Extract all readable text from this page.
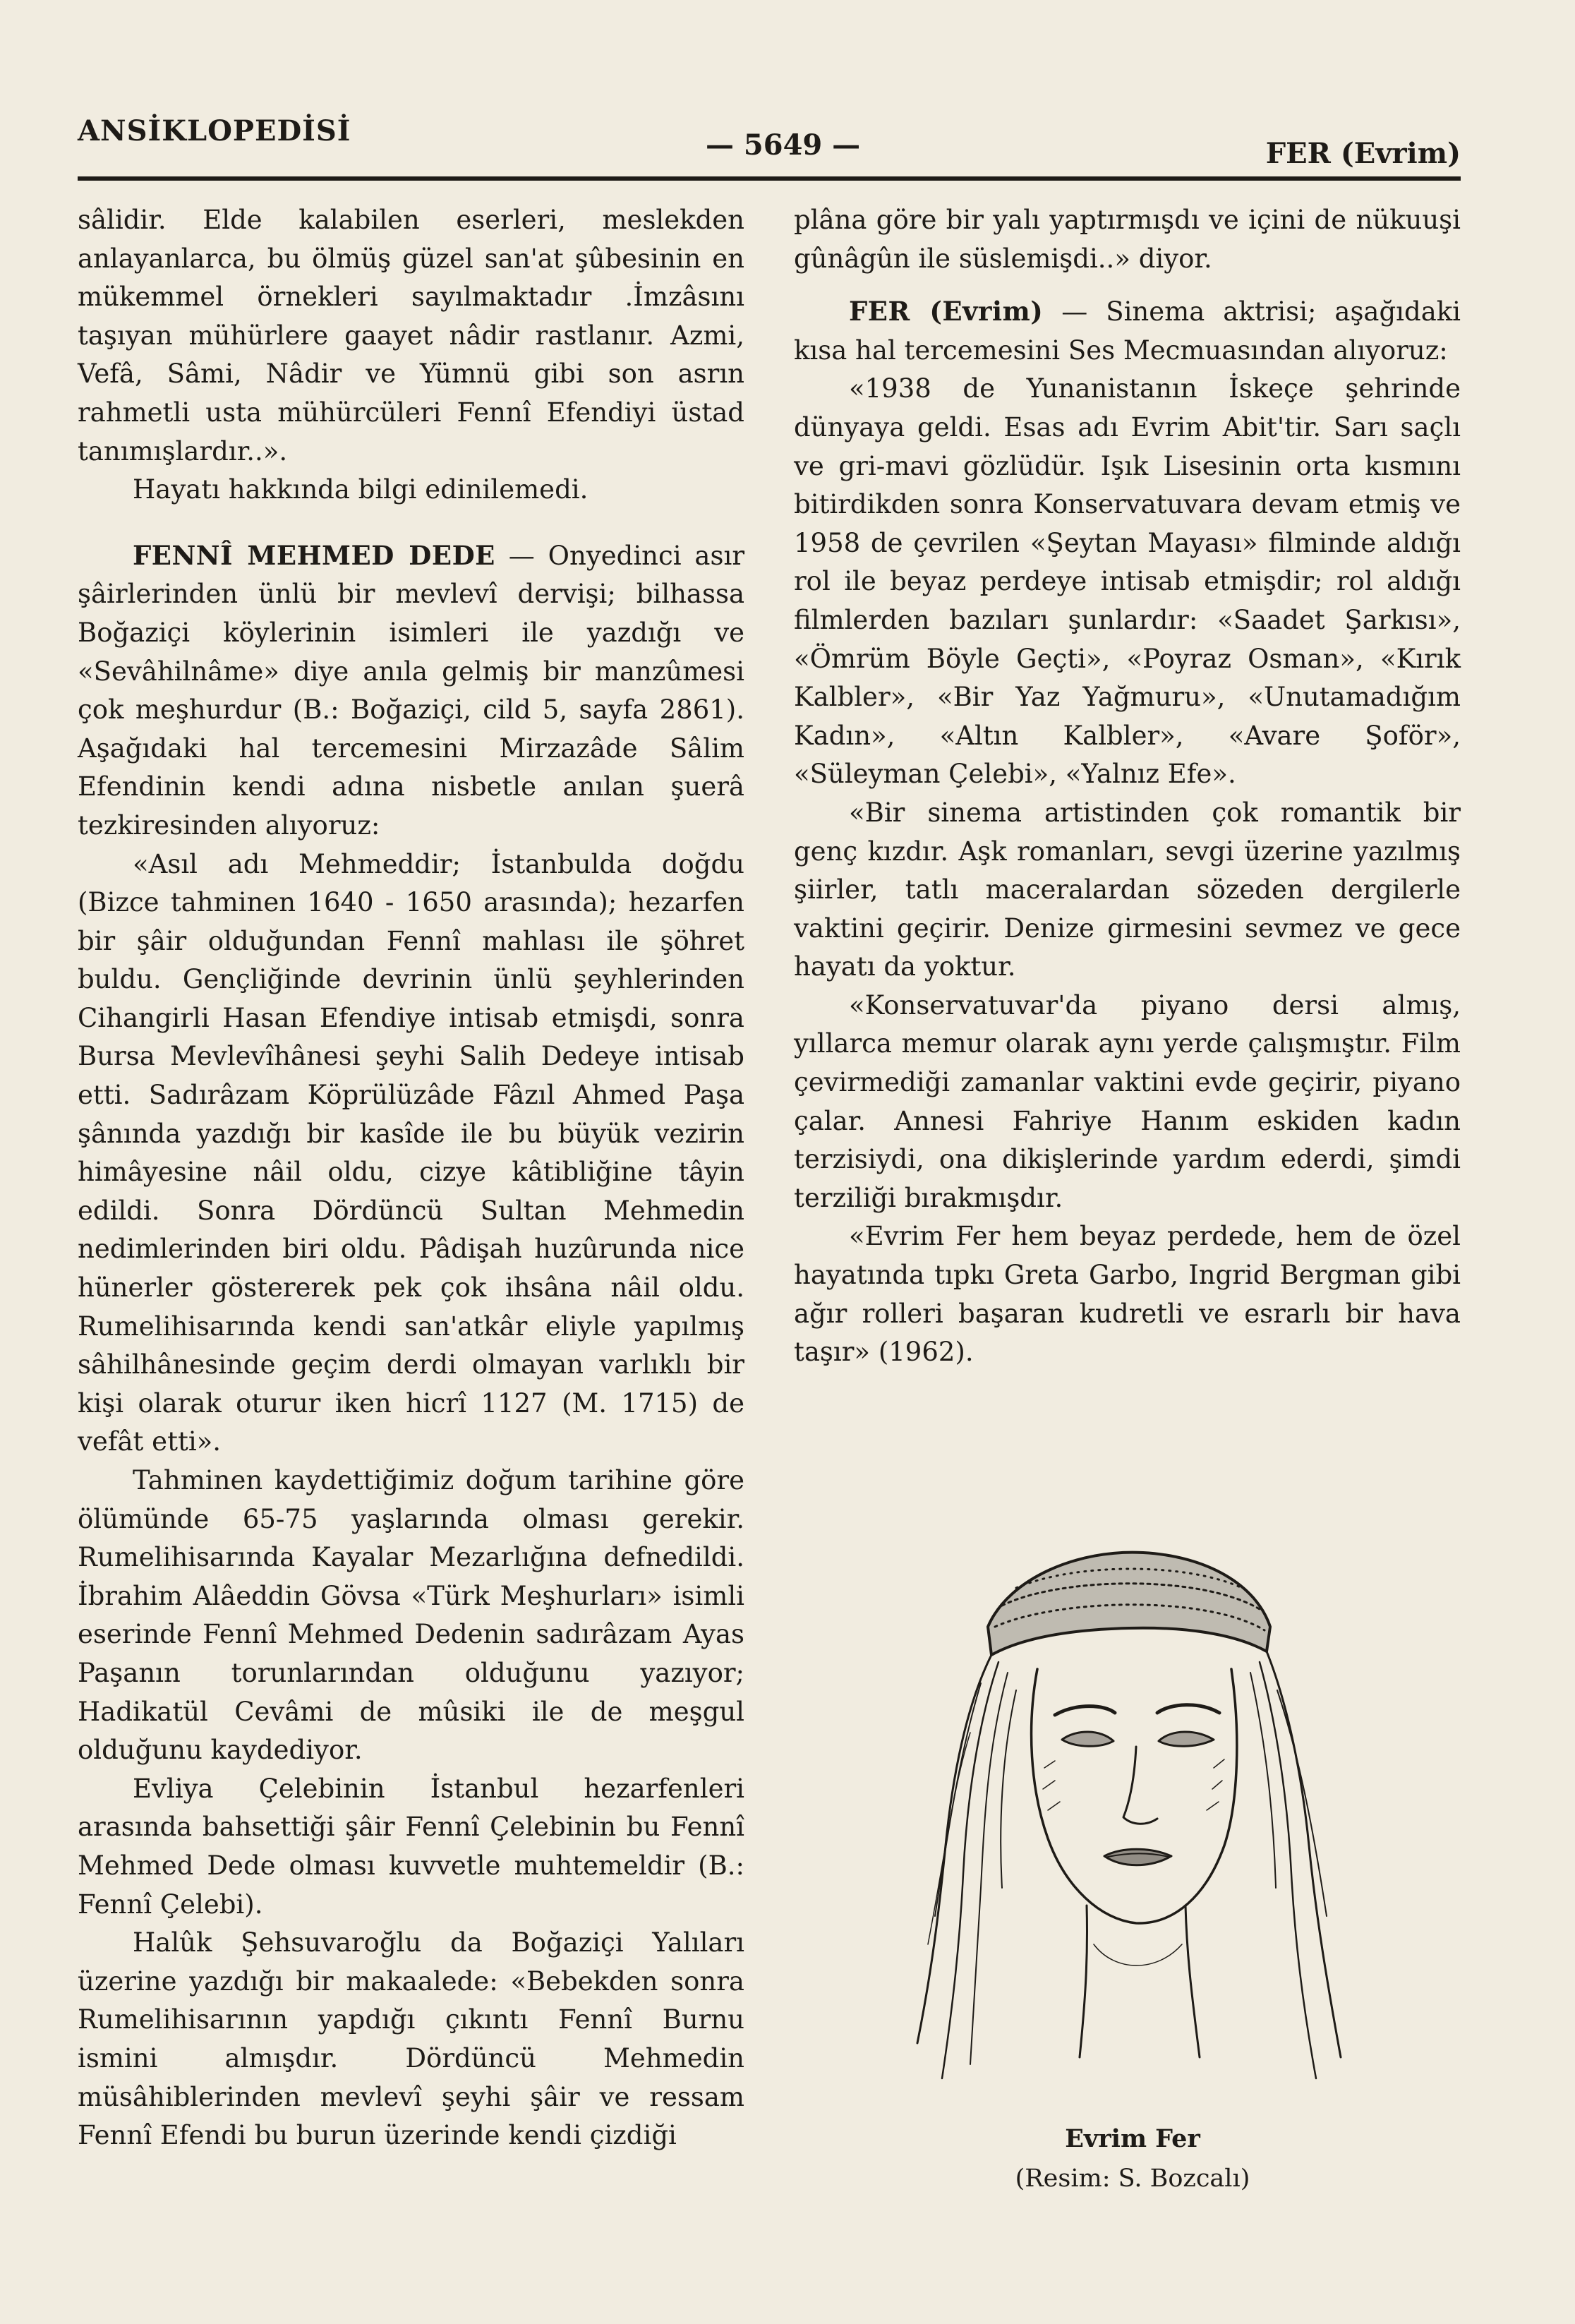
ANSİKLOPEDİSİ	— 5649 —	FER (Evrim)

sâlidir. Elde kalabilen eserleri, meslekden anlayanlarca, bu ölmüş güzel san'at şûbesinin en mükemmel örnekleri sayılmaktadır .İmzâsını taşıyan mühürlere gaayet nâdir rastlanır. Azmi, Vefâ, Sâmi, Nâdir ve Yümnü gibi son asrın rahmetli usta mühürcüleri Fennî Efendiyi üstad tanımışlardır..».

Hayatı hakkında bilgi edinilemedi.

FENNÎ MEHMED DEDE — Onyedinci asır şâirlerinden ünlü bir mevlevî dervişi; bilhassa Boğaziçi köylerinin isimleri ile yazdığı ve «Sevâhilnâme» diye anıla gelmiş bir manzûmesi çok meşhurdur (B.: Boğaziçi, cild 5, sayfa 2861). Aşağıdaki hal tercemesini Mirzazâde Sâlim Efendinin kendi adına nisbetle anılan şuerâ tezkiresinden alıyoruz:

«Asıl adı Mehmeddir; İstanbulda doğdu (Bizce tahminen 1640 - 1650 arasında); hezarfen bir şâir olduğundan Fennî mahlası ile şöhret buldu. Gençliğinde devrinin ünlü şeyhlerinden Cihangirli Hasan Efendiye intisab etmişdi, sonra Bursa Mevlevîhânesi şeyhi Salih Dedeye intisab etti. Sadırâzam Köprülüzâde Fâzıl Ahmed Paşa şânında yazdığı bir kasîde ile bu büyük vezirin himâyesine nâil oldu, cizye kâtibliğine tâyin edildi. Sonra Dördüncü Sultan Mehmedin nedimlerinden biri oldu. Pâdişah huzûrunda nice hünerler göstererek pek çok ihsâna nâil oldu. Rumelihisarında kendi san'atkâr eliyle yapılmış sâhilhânesinde geçim derdi olmayan varlıklı bir kişi olarak oturur iken hicrî 1127 (M. 1715) de vefât etti».

Tahminen kaydettiğimiz doğum tarihine göre ölümünde 65-75 yaşlarında olması gerekir. Rumelihisarında Kayalar Mezarlığına defnedildi. İbrahim Alâeddin Gövsa «Türk Meşhurları» isimli eserinde Fennî Mehmed Dedenin sadırâzam Ayas Paşanın torunlarından olduğunu yazıyor; Hadikatül Cevâmi de mûsiki ile de meşgul olduğunu kaydediyor.

Evliya Çelebinin İstanbul hezarfenleri arasında bahsettiği şâir Fennî Çelebinin bu Fennî Mehmed Dede olması kuvvetle muhtemeldir (B.: Fennî Çelebi).

Halûk Şehsuvaroğlu da Boğaziçi Yalıları üzerine yazdığı bir makaalede: «Bebekden sonra Rumelihisarının yapdığı çıkıntı Fennî Burnu ismini almışdır. Dördüncü Mehmedin müsâhiblerinden mevlevî şeyhi şâir ve ressam Fennî Efendi bu burun üzerinde kendi çizdiği

plâna göre bir yalı yaptırmışdı ve içini de nükuuşi gûnâgûn ile süslemişdi..» diyor.

FER (Evrim) — Sinema aktrisi; aşağıdaki kısa hal tercemesini Ses Mecmuasından alıyoruz:

«1938 de Yunanistanın İskeçe şehrinde dünyaya geldi. Esas adı Evrim Abit'tir. Sarı saçlı ve gri-mavi gözlüdür. Işık Lisesinin orta kısmını bitirdikden sonra Konservatuvara devam etmiş ve 1958 de çevrilen «Şeytan Mayası» filminde aldığı rol ile beyaz perdeye intisab etmişdir; rol aldığı filmlerden bazıları şunlardır: «Saadet Şarkısı», «Ömrüm Böyle Geçti», «Poyraz Osman», «Kırık Kalbler», «Bir Yaz Yağmuru», «Unutamadığım Kadın», «Altın Kalbler», «Avare Şoför», «Süleyman Çelebi», «Yalnız Efe».

«Bir sinema artistinden çok romantik bir genç kızdır. Aşk romanları, sevgi üzerine yazılmış şiirler, tatlı maceralardan sözeden dergilerle vaktini geçirir. Denize girmesini sevmez ve gece hayatı da yoktur.

«Konservatuvar'da piyano dersi almış, yıllarca memur olarak aynı yerde çalışmıştır. Film çevirmediği zamanlar vaktini evde geçirir, piyano çalar. Annesi Fahriye Hanım eskiden kadın terzisiydi, ona dikişlerinde yardım ederdi, şimdi terziliği bırakmışdır.

«Evrim Fer hem beyaz perdede, hem de özel hayatında tıpkı Greta Garbo, Ingrid Bergman gibi ağır rolleri başaran kudretli ve esrarlı bir hava taşır» (1962).

Evrim Fer
(Resim: S. Bozcalı)
